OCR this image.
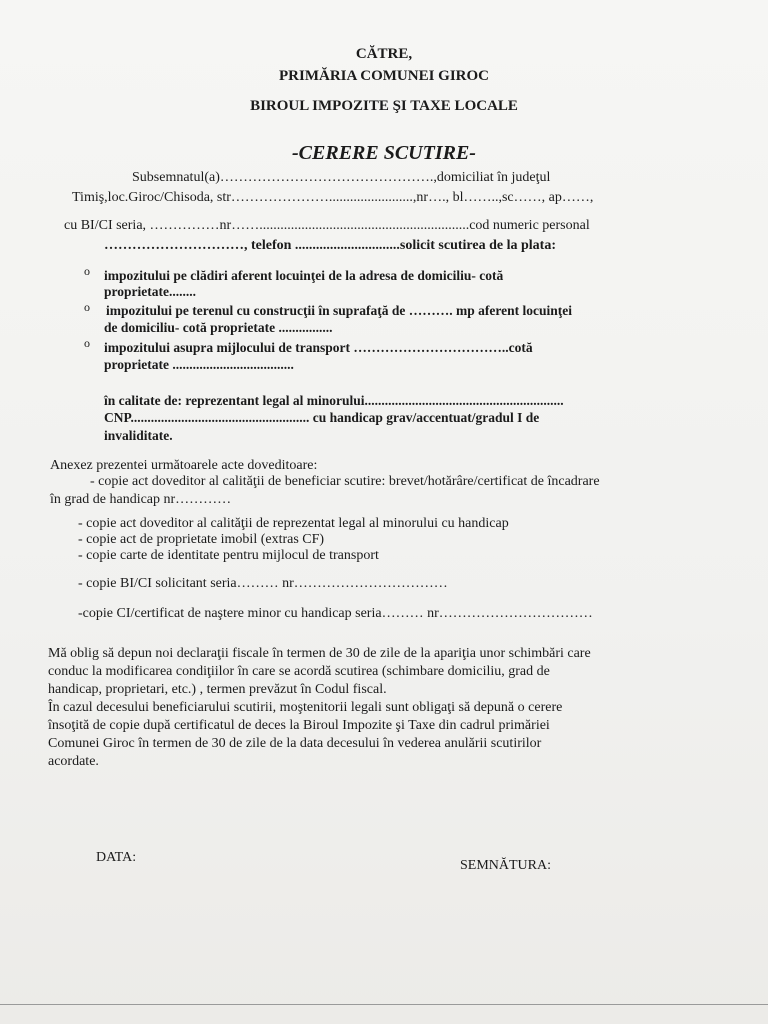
CĂTRE,
PRIMĂRIA COMUNEI GIROC
BIROUL IMPOZITE ŞI TAXE LOCALE
-CERERE SCUTIRE-
Subsemnatul(a)……………………………………….,domiciliat în judeţul
Timiş,loc.Giroc/Chisoda, str…………………........................,nr…., bl……..,sc……, ap……,
cu BI/CI seria, ……………nr……............................................................cod numeric personal
…………………………, telefon ..............................solicit scutirea de la plata:
o impozitului pe clădiri aferent locuinţei de la adresa de domiciliu- cotă
proprietate........
o impozitului pe terenul cu construcţii în suprafaţă de ………. mp aferent locuinţei
de domiciliu- cotă proprietate ................
o impozitului asupra mijlocului de transport ……………………………..cotă
proprietate ....................................
în calitate de: reprezentant legal al minorului...........................................................
CNP..................................................... cu handicap grav/accentuat/gradul I de
invaliditate.
Anexez prezentei următoarele acte doveditoare:
- copie act doveditor al calităţii de beneficiar scutire: brevet/hotărâre/certificat de încadrare
în grad de handicap nr…………
- copie act doveditor al calităţii de reprezentat legal al minorului cu handicap
- copie act de proprietate imobil (extras CF)
- copie carte de identitate pentru mijlocul de transport
- copie BI/CI solicitant seria……… nr……………………………
-copie CI/certificat de naştere minor cu handicap seria……… nr……………………………
Mă oblig să depun noi declaraţii fiscale în termen de 30 de zile de la apariţia unor schimbări care
conduc la modificarea condiţiilor în care se acordă scutirea (schimbare domiciliu, grad de
handicap, proprietari, etc.) , termen prevăzut în Codul fiscal.
În cazul decesului beneficiarului scutirii, moştenitorii legali sunt obligaţi să depună o cerere
însoţită de copie după certificatul de deces la Biroul Impozite şi Taxe din cadrul primăriei
Comunei Giroc în termen de 30 de zile de la data decesului în vederea anulării scutirilor
acordate.
DATA:
SEMNĂTURA:
